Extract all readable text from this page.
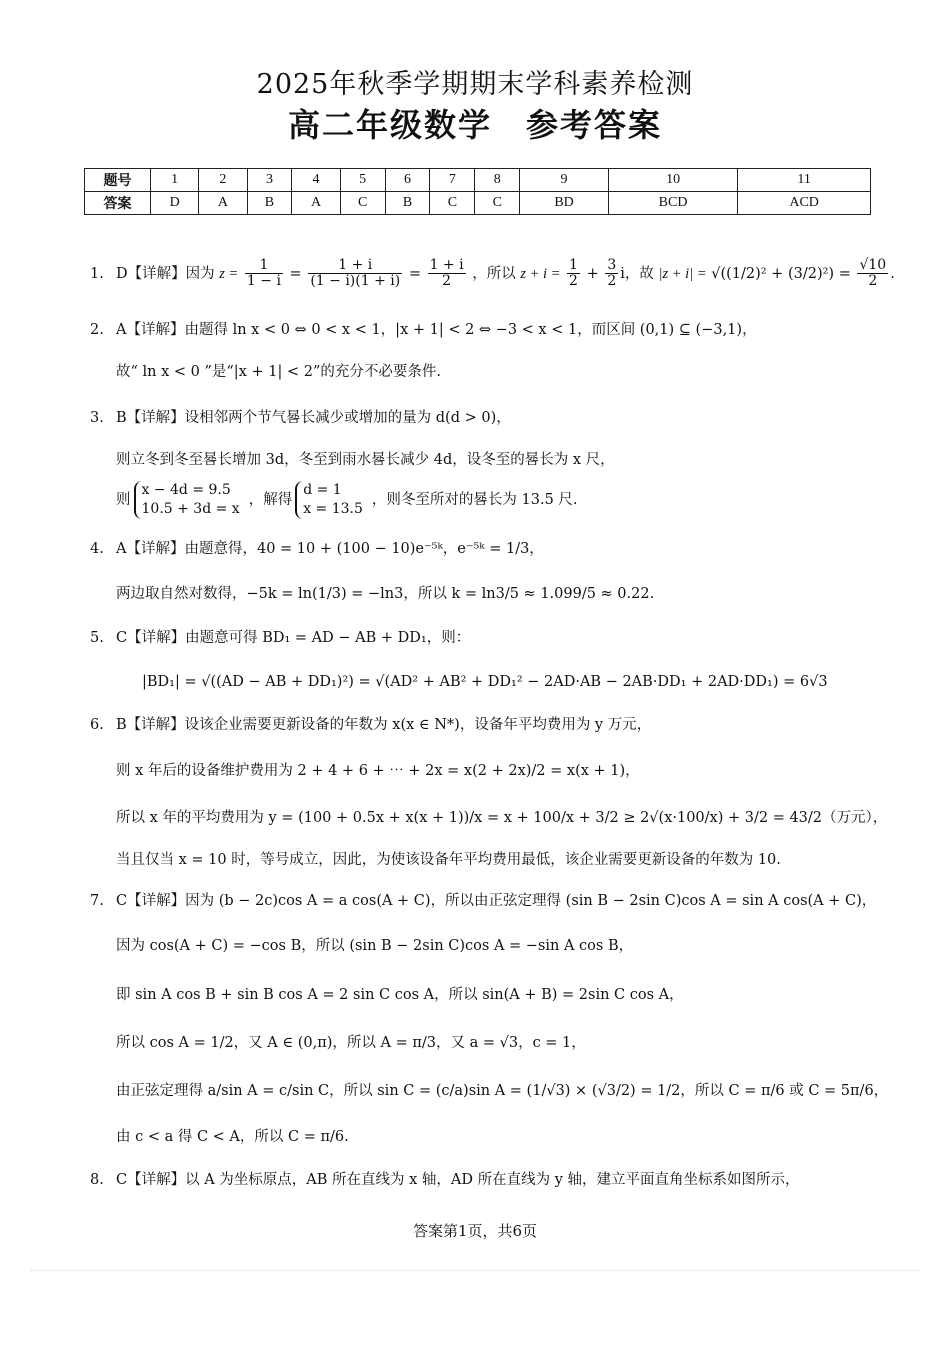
2025年秋季学期期末学科素养检测
高二年级数学　参考答案
题号	1	2	3	4	5	6	7	8	9	10	11
答案	D	A	B	A	C	B	C	C	BD	BCD	ACD
1. D【详解】因为 $z = \frac{1}{1 - i} = \frac{1 + i}{(1 - i)(1 + i)} = \frac{1 + i}{2}$ ，所以 $z + i = \frac{1}{2} + \frac{3}{2}$ i，故 $|z + i| = √((1/2)^2 + (3/2)^2) = \frac{√10}{2}$ .
2. A【详解】由题得 ln x < 0 ⇔ 0 < x < 1，|x + 1| < 2 ⇔ −3 < x < 1，而区间 (0,1) ⊆ (−3,1)，
故“ ln x < 0 ”是“|x + 1| < 2”的充分不必要条件.
3. B【详解】设相邻两个节气晷长减少或增加的量为 d(d > 0)，
则立冬到冬至晷长增加 3d，冬至到雨水晷长减少 4d，设冬至的晷长为 x 尺，
则x − 4d = 9.5
10.5 + 3d = x，解得d = 1
x = 13.5，则冬至所对的晷长为 13.5 尺.
4. A【详解】由题意得，40 = 10 + (100 − 10)e⁻⁵ᵏ，e⁻⁵ᵏ = 1/3，
两边取自然对数得，−5k = ln(1/3) = −ln3，所以 k = ln3/5 ≈ 1.099/5 ≈ 0.22.
5. C【详解】由题意可得 BD₁ = AD − AB + DD₁，则：
|BD₁| = √((AD − AB + DD₁)²) = √(AD² + AB² + DD₁² − 2AD·AB − 2AB·DD₁ + 2AD·DD₁) = 6√3
6. B【详解】设该企业需要更新设备的年数为 x(x ∈ N*)，设备年平均费用为 y 万元，
则 x 年后的设备维护费用为 2 + 4 + 6 + ⋯ + 2x = x(2 + 2x)/2 = x(x + 1)，
所以 x 年的平均费用为 y = (100 + 0.5x + x(x + 1))/x = x + 100/x + 3/2 ≥ 2√(x·100/x) + 3/2 = 43/2（万元），
当且仅当 x = 10 时，等号成立，因此，为使该设备年平均费用最低，该企业需要更新设备的年数为 10.
7. C【详解】因为 (b − 2c)cos A = a cos(A + C)，所以由正弦定理得 (sin B − 2sin C)cos A = sin A cos(A + C)，
因为 cos(A + C) = −cos B，所以 (sin B − 2sin C)cos A = −sin A cos B，
即 sin A cos B + sin B cos A = 2 sin C cos A，所以 sin(A + B) = 2sin C cos A，
所以 cos A = 1/2，又 A ∈ (0,π)，所以 A = π/3，又 a = √3，c = 1，
由正弦定理得 a/sin A = c/sin C，所以 sin C = (c/a)sin A = (1/√3) × (√3/2) = 1/2，所以 C = π/6 或 C = 5π/6，
由 c < a 得 C < A，所以 C = π/6.
8. C【详解】以 A 为坐标原点，AB 所在直线为 x 轴，AD 所在直线为 y 轴，建立平面直角坐标系如图所示，
答案第1页，共6页
